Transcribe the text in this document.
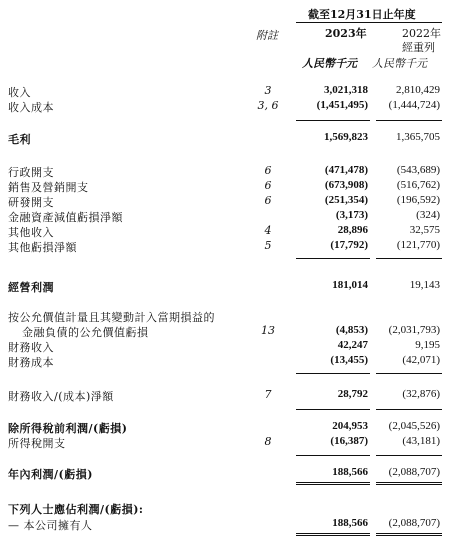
截至12月31日止年度
附註	2023年	2022年
經重列
人民幣千元 人民幣千元
收入	3	3,021,318	2,810,429
收入成本	3, 6	(1,451,495) (1,444,724)
毛利	1,569,823	1,365,705
行政開支	6	(471,478)	(543,689)
銷售及營銷開支	6	(673,908)	(516,762)
研發開支	6	(251,354)	(196,592)
金融資產減值虧損淨額	(3,173)	(324)
其他收入	4	28,896	32,575
其他虧損淨額	5	(17,792)	(121,770)
經營利潤	181,014	19,143
按公允價值計量且其變動計入當期損益的
金融負債的公允價值虧損	13	(4,853) (2,031,793)
財務收入	42,247	9,195
財務成本	(13,455)	(42,071)
財務收入/(成本)淨額	7	28,792	(32,876)
除所得稅前利潤/(虧損)	204,953 (2,045,526)
所得稅開支	8	(16,387)	(43,181)
年內利潤/(虧損)	188,566 (2,088,707)
下列人士應佔利潤/(虧損):
— 本公司擁有人	188,566 (2,088,707)
